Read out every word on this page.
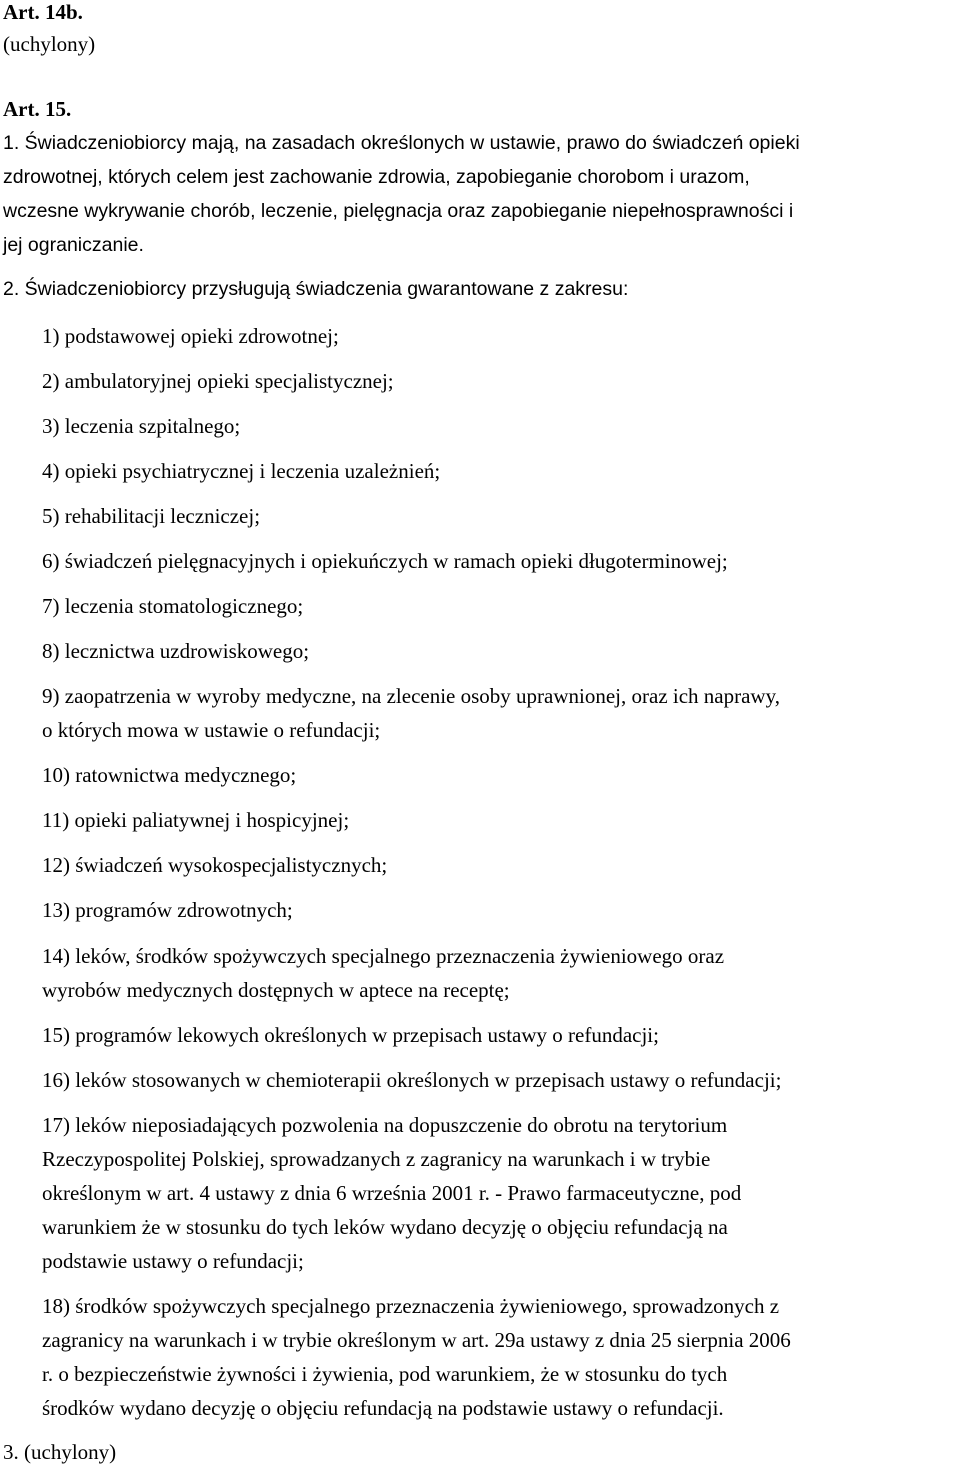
Art. 14b.
(uchylony)
Art. 15.
1. Świadczeniobiorcy mają, na zasadach określonych w ustawie, prawo do świadczeń opieki
zdrowotnej, których celem jest zachowanie zdrowia, zapobieganie chorobom i urazom,
wczesne wykrywanie chorób, leczenie, pielęgnacja oraz zapobieganie niepełnosprawności i
jej ograniczanie.
2. Świadczeniobiorcy przysługują świadczenia gwarantowane z zakresu:
1) podstawowej opieki zdrowotnej;
2) ambulatoryjnej opieki specjalistycznej;
3) leczenia szpitalnego;
4) opieki psychiatrycznej i leczenia uzależnień;
5) rehabilitacji leczniczej;
6) świadczeń pielęgnacyjnych i opiekuńczych w ramach opieki długoterminowej;
7) leczenia stomatologicznego;
8) lecznictwa uzdrowiskowego;
9) zaopatrzenia w wyroby medyczne, na zlecenie osoby uprawnionej, oraz ich naprawy,
o których mowa w ustawie o refundacji;
10) ratownictwa medycznego;
11) opieki paliatywnej i hospicyjnej;
12) świadczeń wysokospecjalistycznych;
13) programów zdrowotnych;
14) leków, środków spożywczych specjalnego przeznaczenia żywieniowego oraz
wyrobów medycznych dostępnych w aptece na receptę;
15) programów lekowych określonych w przepisach ustawy o refundacji;
16) leków stosowanych w chemioterapii określonych w przepisach ustawy o refundacji;
17) leków nieposiadających pozwolenia na dopuszczenie do obrotu na terytorium
Rzeczypospolitej Polskiej, sprowadzanych z zagranicy na warunkach i w trybie
określonym w art. 4 ustawy z dnia 6 września 2001 r. - Prawo farmaceutyczne, pod
warunkiem że w stosunku do tych leków wydano decyzję o objęciu refundacją na
podstawie ustawy o refundacji;
18) środków spożywczych specjalnego przeznaczenia żywieniowego, sprowadzonych z
zagranicy na warunkach i w trybie określonym w art. 29a ustawy z dnia 25 sierpnia 2006
r. o bezpieczeństwie żywności i żywienia, pod warunkiem, że w stosunku do tych
środków wydano decyzję o objęciu refundacją na podstawie ustawy o refundacji.
3. (uchylony)
